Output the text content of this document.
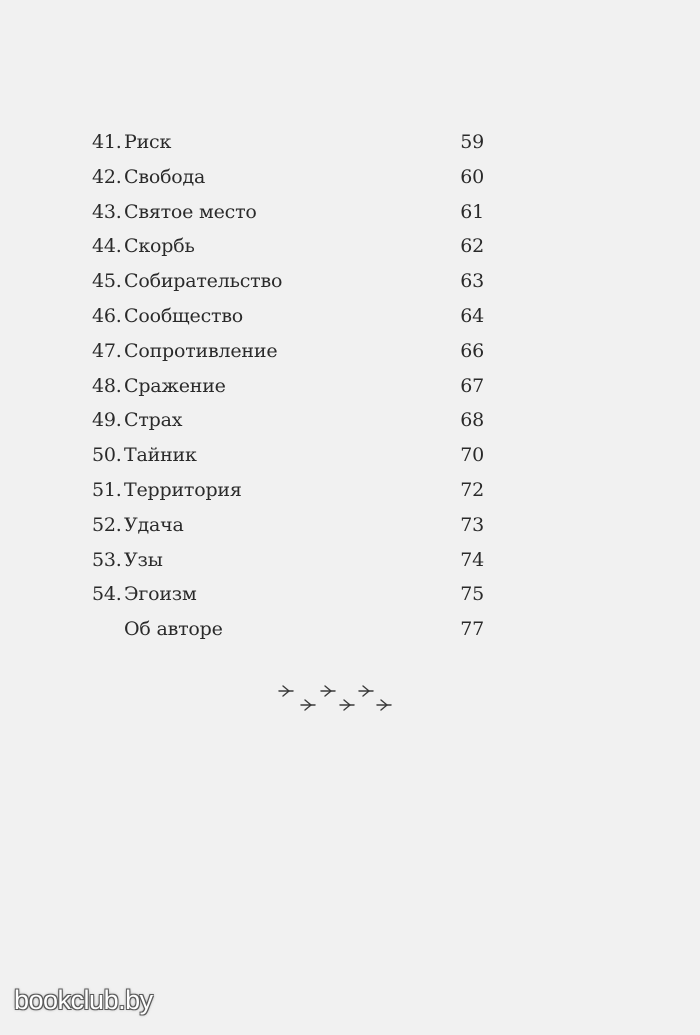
41. Риск	59
42. Свобода	60
43. Святое место	61
44. Скорбь	62
45. Собирательство	63
46. Сообщество	64
47. Сопротивление	66
48. Сражение	67
49. Страх	68
50. Тайник	70
51. Территория	72
52. Удача	73
53. Узы	74
54. Эгоизм	75
Об авторе	77
bookclub.by
